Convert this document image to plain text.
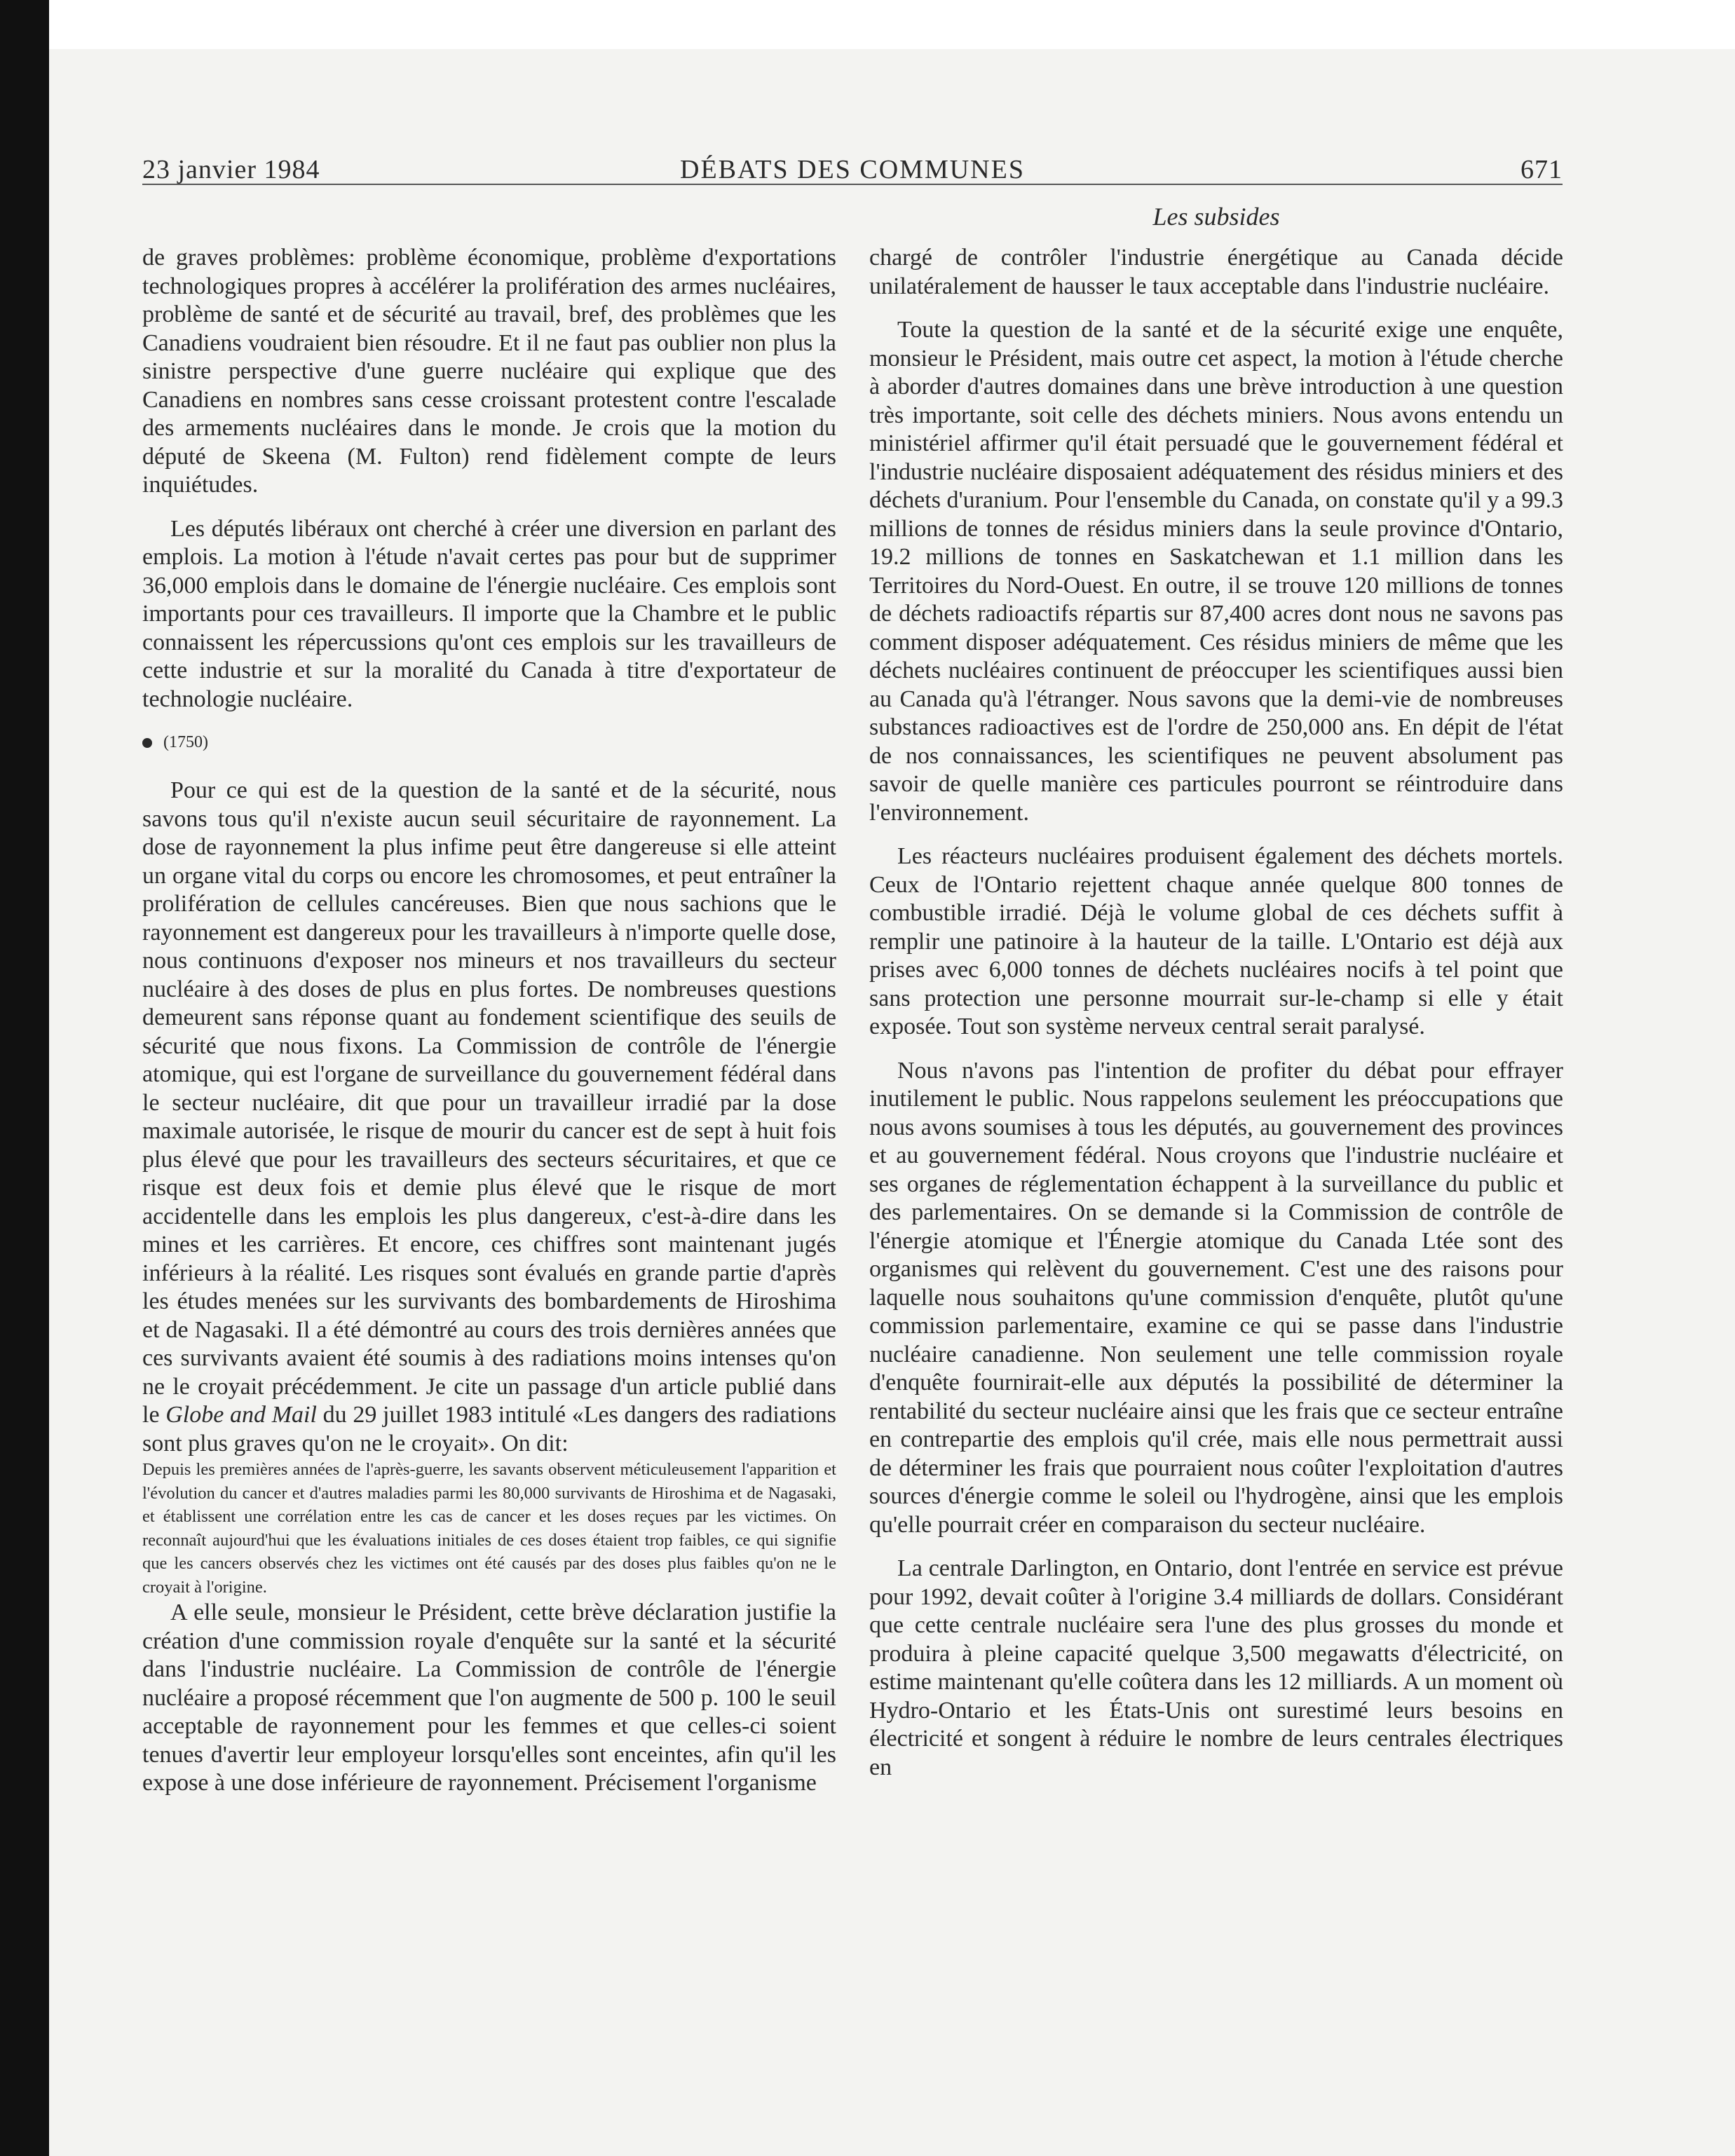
23 janvier 1984	DÉBATS DES COMMUNES	671
Les subsides

de graves problèmes: problème économique, problème d'exportations technologiques propres à accélérer la prolifération des armes nucléaires, problème de santé et de sécurité au travail, bref, des problèmes que les Canadiens voudraient bien résoudre. Et il ne faut pas oublier non plus la sinistre perspective d'une guerre nucléaire qui explique que des Canadiens en nombres sans cesse croissant protestent contre l'escalade des armements nucléaires dans le monde. Je crois que la motion du député de Skeena (M. Fulton) rend fidèlement compte de leurs inquiétudes.

Les députés libéraux ont cherché à créer une diversion en parlant des emplois. La motion à l'étude n'avait certes pas pour but de supprimer 36,000 emplois dans le domaine de l'énergie nucléaire. Ces emplois sont importants pour ces travailleurs. Il importe que la Chambre et le public connaissent les répercussions qu'ont ces emplois sur les travailleurs de cette industrie et sur la moralité du Canada à titre d'exportateur de technologie nucléaire.

(1750)

Pour ce qui est de la question de la santé et de la sécurité, nous savons tous qu'il n'existe aucun seuil sécuritaire de rayonnement. La dose de rayonnement la plus infime peut être dangereuse si elle atteint un organe vital du corps ou encore les chromosomes, et peut entraîner la prolifération de cellules cancéreuses. Bien que nous sachions que le rayonnement est dangereux pour les travailleurs à n'importe quelle dose, nous continuons d'exposer nos mineurs et nos travailleurs du secteur nucléaire à des doses de plus en plus fortes. De nombreuses questions demeurent sans réponse quant au fondement scientifique des seuils de sécurité que nous fixons. La Commission de contrôle de l'énergie atomique, qui est l'organe de surveillance du gouvernement fédéral dans le secteur nucléaire, dit que pour un travailleur irradié par la dose maximale autorisée, le risque de mourir du cancer est de sept à huit fois plus élevé que pour les travailleurs des secteurs sécuritaires, et que ce risque est deux fois et demie plus élevé que le risque de mort accidentelle dans les emplois les plus dangereux, c'est-à-dire dans les mines et les carrières. Et encore, ces chiffres sont maintenant jugés inférieurs à la réalité. Les risques sont évalués en grande partie d'après les études menées sur les survivants des bombardements de Hiroshima et de Nagasaki. Il a été démontré au cours des trois dernières années que ces survivants avaient été soumis à des radiations moins intenses qu'on ne le croyait précédemment. Je cite un passage d'un article publié dans le Globe and Mail du 29 juillet 1983 intitulé «Les dangers des radiations sont plus graves qu'on ne le croyait». On dit:

Depuis les premières années de l'après-guerre, les savants observent méticuleusement l'apparition et l'évolution du cancer et d'autres maladies parmi les 80,000 survivants de Hiroshima et de Nagasaki, et établissent une corrélation entre les cas de cancer et les doses reçues par les victimes. On reconnaît aujourd'hui que les évaluations initiales de ces doses étaient trop faibles, ce qui signifie que les cancers observés chez les victimes ont été causés par des doses plus faibles qu'on ne le croyait à l'origine.

A elle seule, monsieur le Président, cette brève déclaration justifie la création d'une commission royale d'enquête sur la santé et la sécurité dans l'industrie nucléaire. La Commission de contrôle de l'énergie nucléaire a proposé récemment que l'on augmente de 500 p. 100 le seuil acceptable de rayonnement pour les femmes et que celles-ci soient tenues d'avertir leur employeur lorsqu'elles sont enceintes, afin qu'il les expose à une dose inférieure de rayonnement. Précisement l'organisme

chargé de contrôler l'industrie énergétique au Canada décide unilatéralement de hausser le taux acceptable dans l'industrie nucléaire.

Toute la question de la santé et de la sécurité exige une enquête, monsieur le Président, mais outre cet aspect, la motion à l'étude cherche à aborder d'autres domaines dans une brève introduction à une question très importante, soit celle des déchets miniers. Nous avons entendu un ministériel affirmer qu'il était persuadé que le gouvernement fédéral et l'industrie nucléaire disposaient adéquatement des résidus miniers et des déchets d'uranium. Pour l'ensemble du Canada, on constate qu'il y a 99.3 millions de tonnes de résidus miniers dans la seule province d'Ontario, 19.2 millions de tonnes en Saskatchewan et 1.1 million dans les Territoires du Nord-Ouest. En outre, il se trouve 120 millions de tonnes de déchets radioactifs répartis sur 87,400 acres dont nous ne savons pas comment disposer adéquatement. Ces résidus miniers de même que les déchets nucléaires continuent de préoccuper les scientifiques aussi bien au Canada qu'à l'étranger. Nous savons que la demi-vie de nombreuses substances radioactives est de l'ordre de 250,000 ans. En dépit de l'état de nos connaissances, les scientifiques ne peuvent absolument pas savoir de quelle manière ces particules pourront se réintroduire dans l'environnement.

Les réacteurs nucléaires produisent également des déchets mortels. Ceux de l'Ontario rejettent chaque année quelque 800 tonnes de combustible irradié. Déjà le volume global de ces déchets suffit à remplir une patinoire à la hauteur de la taille. L'Ontario est déjà aux prises avec 6,000 tonnes de déchets nucléaires nocifs à tel point que sans protection une personne mourrait sur-le-champ si elle y était exposée. Tout son système nerveux central serait paralysé.

Nous n'avons pas l'intention de profiter du débat pour effrayer inutilement le public. Nous rappelons seulement les préoccupations que nous avons soumises à tous les députés, au gouvernement des provinces et au gouvernement fédéral. Nous croyons que l'industrie nucléaire et ses organes de réglementation échappent à la surveillance du public et des parlementaires. On se demande si la Commission de contrôle de l'énergie atomique et l'Énergie atomique du Canada Ltée sont des organismes qui relèvent du gouvernement. C'est une des raisons pour laquelle nous souhaitons qu'une commission d'enquête, plutôt qu'une commission parlementaire, examine ce qui se passe dans l'industrie nucléaire canadienne. Non seulement une telle commission royale d'enquête fournirait-elle aux députés la possibilité de déterminer la rentabilité du secteur nucléaire ainsi que les frais que ce secteur entraîne en contrepartie des emplois qu'il crée, mais elle nous permettrait aussi de déterminer les frais que pourraient nous coûter l'exploitation d'autres sources d'énergie comme le soleil ou l'hydrogène, ainsi que les emplois qu'elle pourrait créer en comparaison du secteur nucléaire.

La centrale Darlington, en Ontario, dont l'entrée en service est prévue pour 1992, devait coûter à l'origine 3.4 milliards de dollars. Considérant que cette centrale nucléaire sera l'une des plus grosses du monde et produira à pleine capacité quelque 3,500 megawatts d'électricité, on estime maintenant qu'elle coûtera dans les 12 milliards. A un moment où Hydro-Ontario et les États-Unis ont surestimé leurs besoins en électricité et songent à réduire le nombre de leurs centrales électriques en
